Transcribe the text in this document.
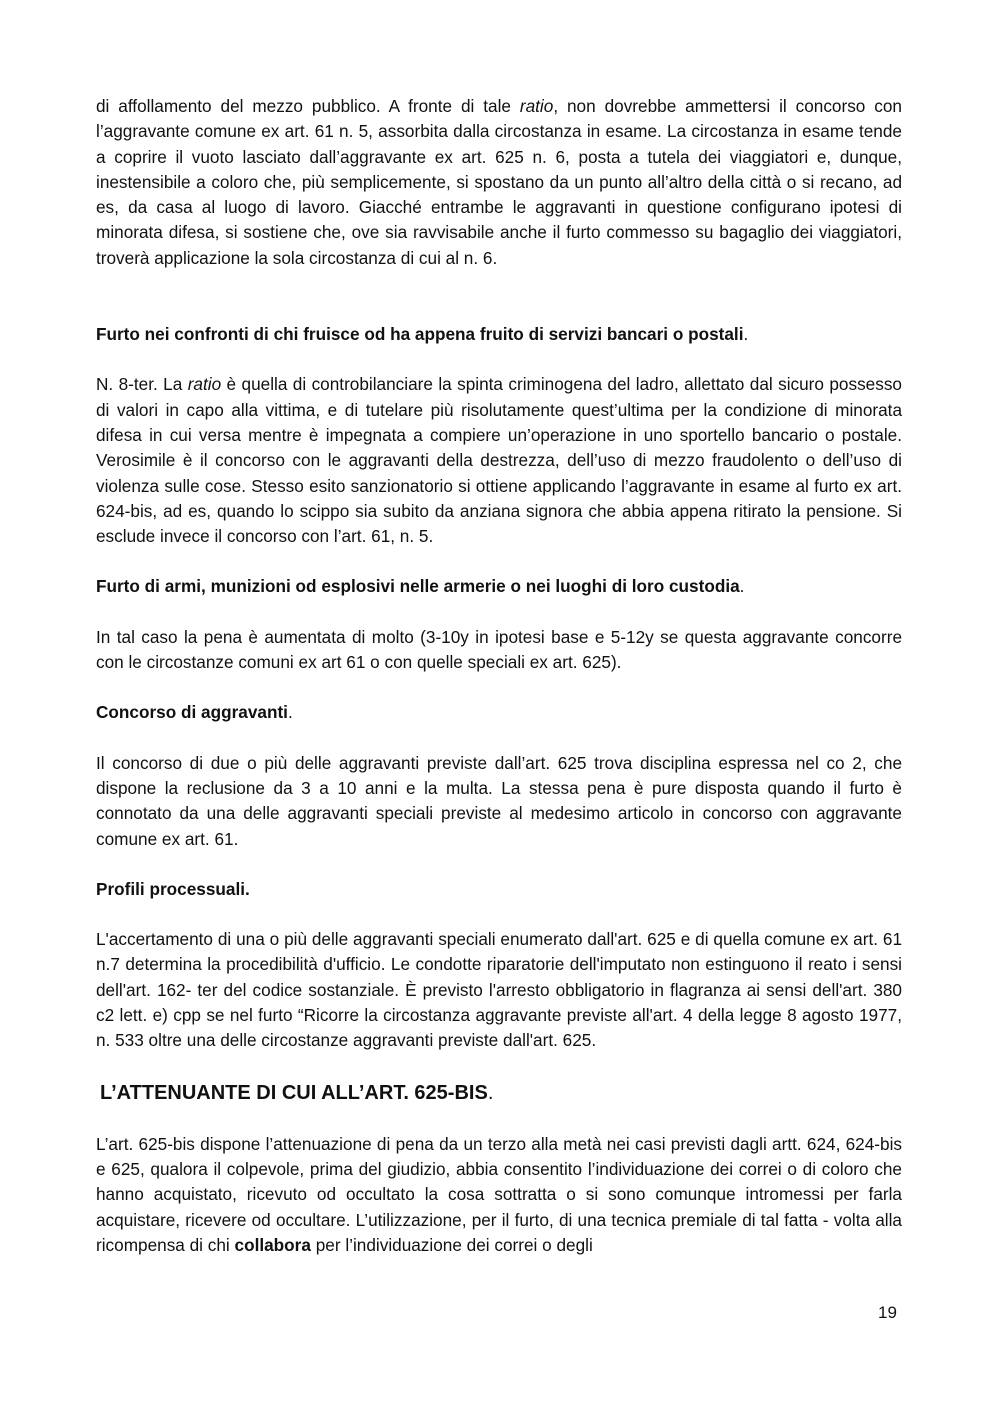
di affollamento del mezzo pubblico. A fronte di tale ratio, non dovrebbe ammettersi il concorso con l’aggravante comune ex art. 61 n. 5, assorbita dalla circostanza in esame. La circostanza in esame tende a coprire il vuoto lasciato dall’aggravante ex art. 625 n. 6, posta a tutela dei viaggiatori e, dunque, inestensibile a coloro che, più semplicemente, si spostano da un punto all’altro della città o si recano, ad es, da casa al luogo di lavoro. Giacché entrambe le aggravanti in questione configurano ipotesi di minorata difesa, si sostiene che, ove sia ravvisabile anche il furto commesso su bagaglio dei viaggiatori, troverà applicazione la sola circostanza di cui al n. 6.

Furto nei confronti di chi fruisce od ha appena fruito di servizi bancari o postali.

N. 8-ter. La ratio è quella di controbilanciare la spinta criminogena del ladro, allettato dal sicuro possesso di valori in capo alla vittima, e di tutelare più risolutamente quest’ultima per la condizione di minorata difesa in cui versa mentre è impegnata a compiere un’operazione in uno sportello bancario o postale. Verosimile è il concorso con le aggravanti della destrezza, dell’uso di mezzo fraudolento o dell’uso di violenza sulle cose. Stesso esito sanzionatorio si ottiene applicando l’aggravante in esame al furto ex art. 624-bis, ad es, quando lo scippo sia subito da anziana signora che abbia appena ritirato la pensione. Si esclude invece il concorso con l’art. 61, n. 5.

Furto di armi, munizioni od esplosivi nelle armerie o nei luoghi di loro custodia.

In tal caso la pena è aumentata di molto (3-10y in ipotesi base e 5-12y se questa aggravante concorre con le circostanze comuni ex art 61 o con quelle speciali ex art. 625).

Concorso di aggravanti.

Il concorso di due o più delle aggravanti previste dall’art. 625 trova disciplina espressa nel co 2, che dispone la reclusione da 3 a 10 anni e la multa. La stessa pena è pure disposta quando il furto è connotato da una delle aggravanti speciali previste al medesimo articolo in concorso con aggravante comune ex art. 61.

Profili processuali.

L'accertamento di una o più delle aggravanti speciali enumerato dall'art. 625 e di quella comune ex art. 61 n.7 determina la procedibilità d'ufficio. Le condotte riparatorie dell'imputato non estinguono il reato i sensi dell'art. 162- ter del codice sostanziale. È previsto l'arresto obbligatorio in flagranza ai sensi dell'art. 380 c2 lett. e) cpp se nel furto “Ricorre la circostanza aggravante previste all'art. 4 della legge 8 agosto 1977, n. 533 oltre una delle circostanze aggravanti previste dall'art. 625.

L’ATTENUANTE DI CUI ALL’ART. 625-BIS.

L’art. 625-bis dispone l’attenuazione di pena da un terzo alla metà nei casi previsti dagli artt. 624, 624-bis e 625, qualora il colpevole, prima del giudizio, abbia consentito l’individuazione dei correi o di coloro che hanno acquistato, ricevuto od occultato la cosa sottratta o si sono comunque intromessi per farla acquistare, ricevere od occultare. L’utilizzazione, per il furto, di una tecnica premiale di tal fatta - volta alla ricompensa di chi collabora per l’individuazione dei correi o degli

19
